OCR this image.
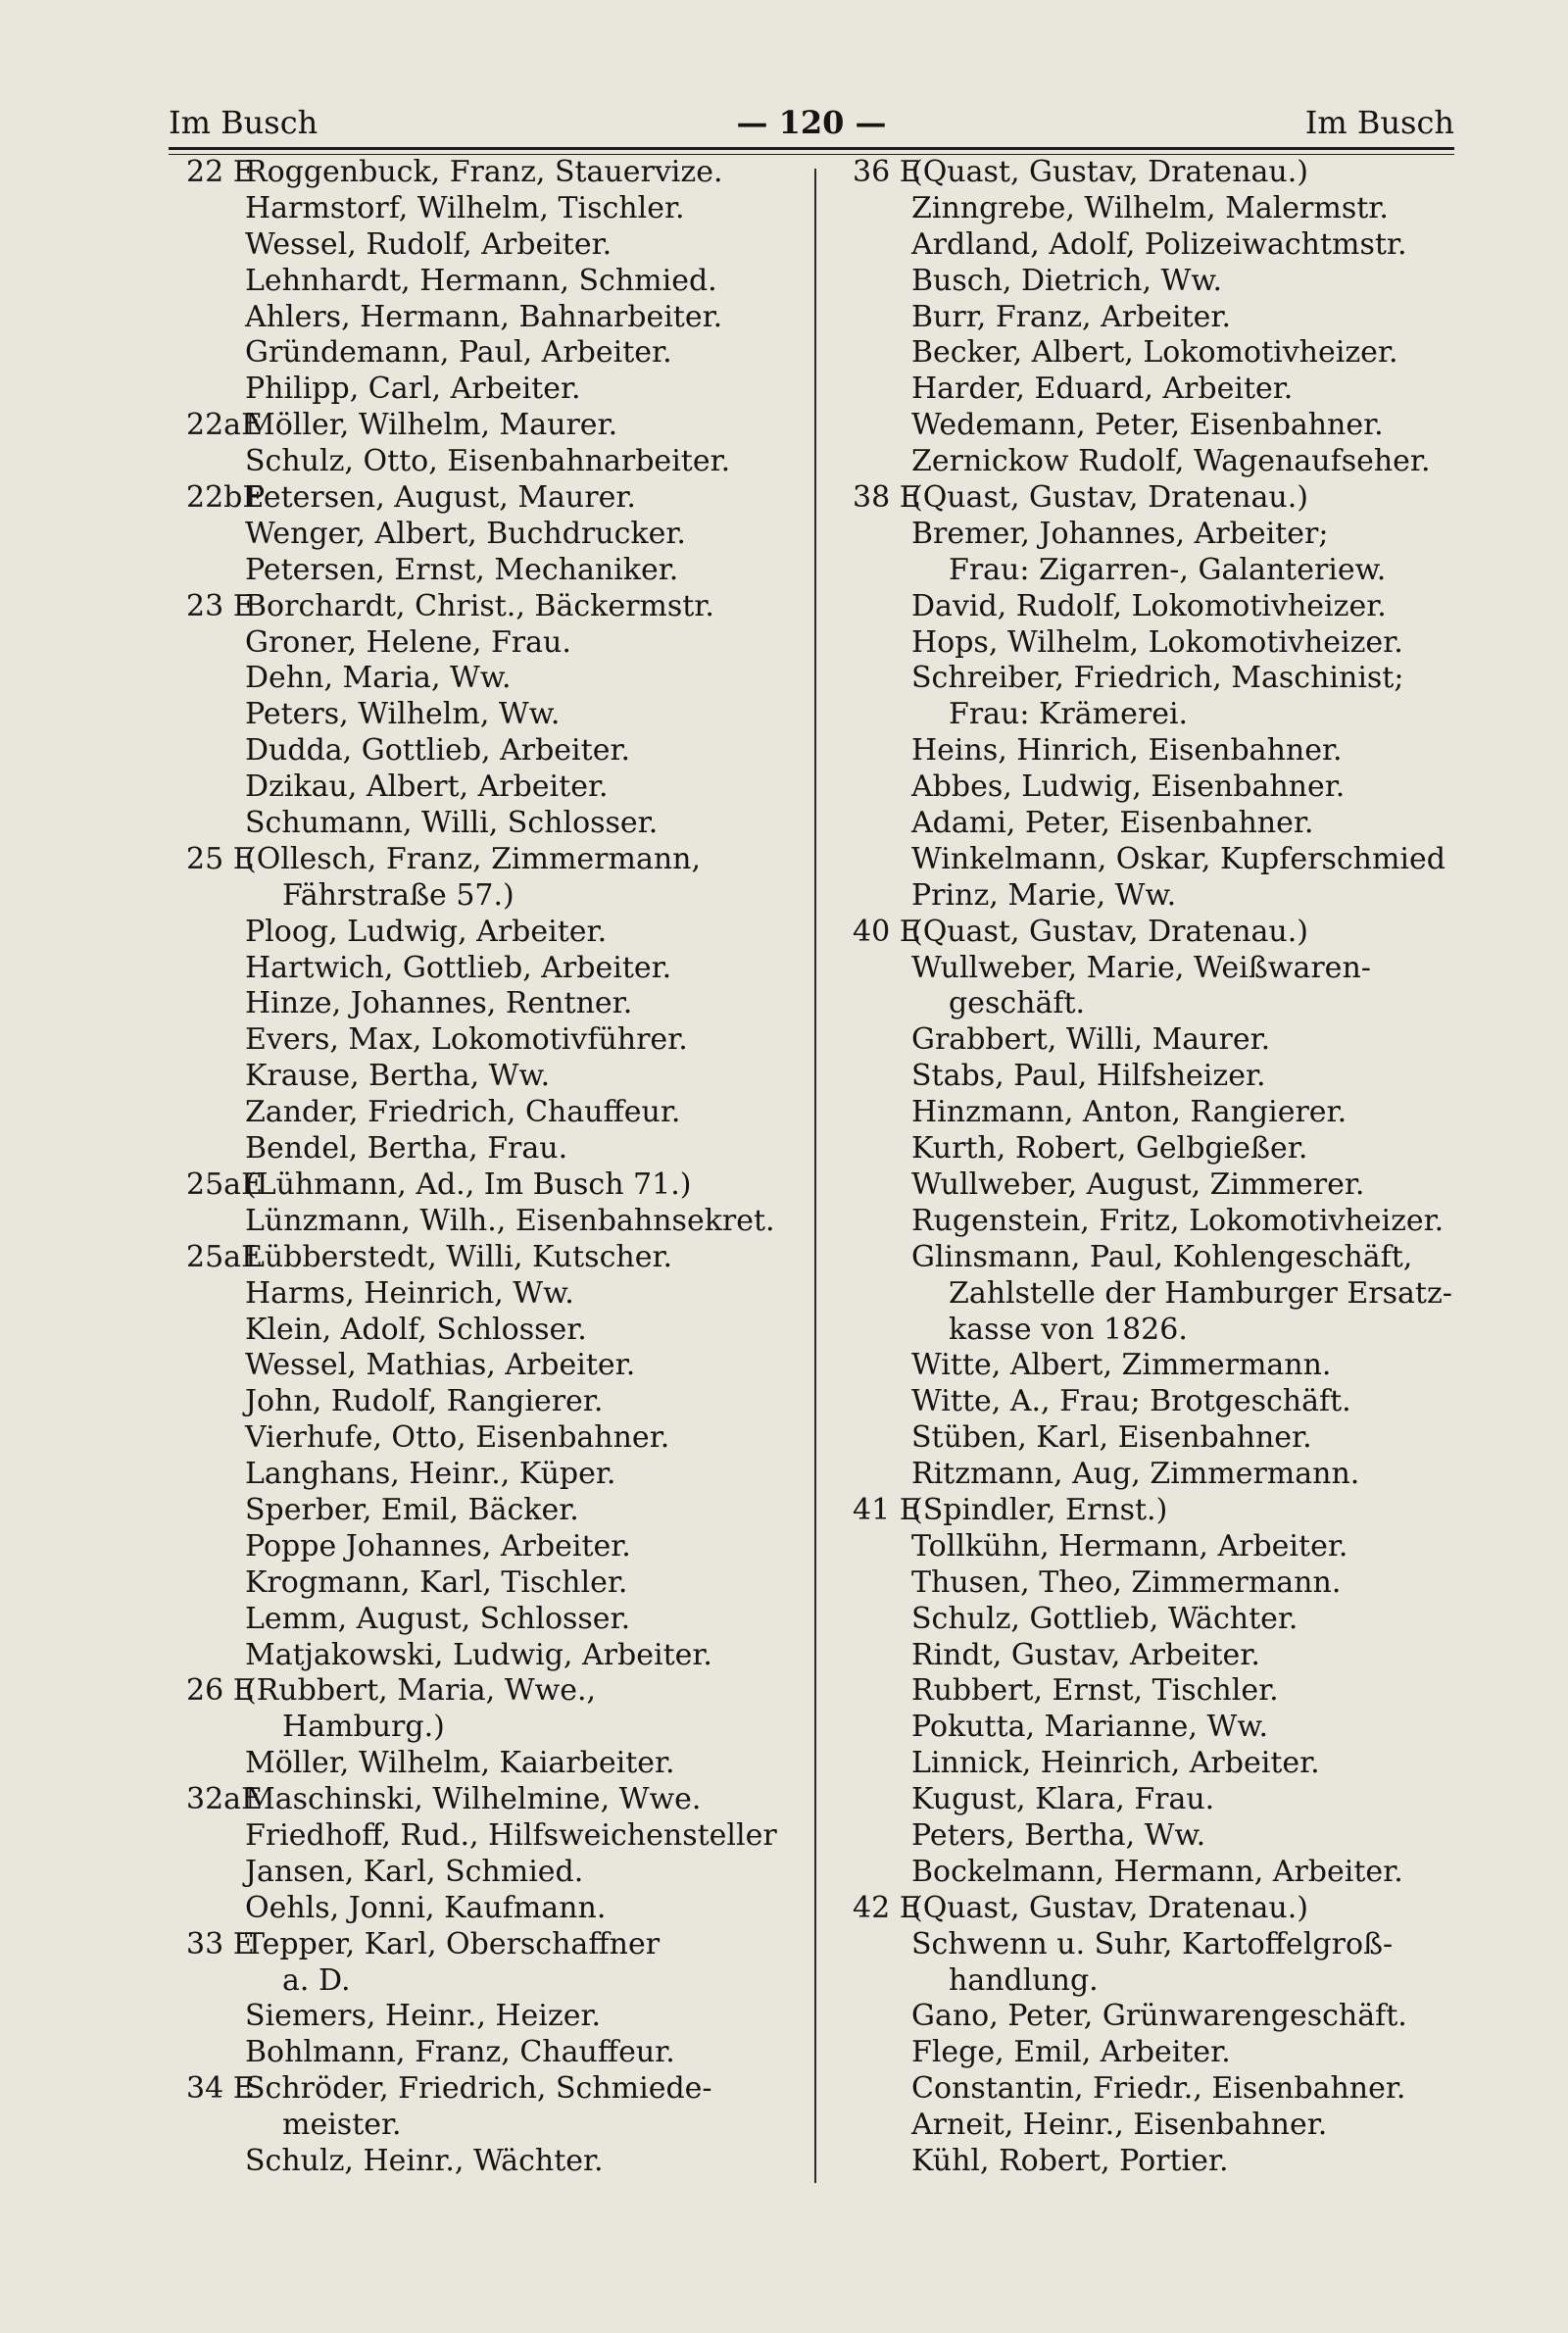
Im Busch	— 120 —	Im Busch
22 E
Roggenbuck, Franz, Stauervize.
Harmstorf, Wilhelm, Tischler.
Wessel, Rudolf, Arbeiter.
Lehnhardt, Hermann, Schmied.
Ahlers, Hermann, Bahnarbeiter.
Gründemann, Paul, Arbeiter.
Philipp, Carl, Arbeiter.
22aE
Möller, Wilhelm, Maurer.
Schulz, Otto, Eisenbahnarbeiter.
22bE
Petersen, August, Maurer.
Wenger, Albert, Buchdrucker.
Petersen, Ernst, Mechaniker.
23 E
Borchardt, Christ., Bäckermstr.
Groner, Helene, Frau.
Dehn, Maria, Ww.
Peters, Wilhelm, Ww.
Dudda, Gottlieb, Arbeiter.
Dzikau, Albert, Arbeiter.
Schumann, Willi, Schlosser.
25 E
(Ollesch, Franz, Zimmermann,
Fährstraße 57.)
Ploog, Ludwig, Arbeiter.
Hartwich, Gottlieb, Arbeiter.
Hinze, Johannes, Rentner.
Evers, Max, Lokomotivführer.
Krause, Bertha, Ww.
Zander, Friedrich, Chauffeur.
Bendel, Bertha, Frau.
25aE
(Lühmann, Ad., Im Busch 71.)
Lünzmann, Wilh., Eisenbahnsekret.
25aE
Lübberstedt, Willi, Kutscher.
Harms, Heinrich, Ww.
Klein, Adolf, Schlosser.
Wessel, Mathias, Arbeiter.
John, Rudolf, Rangierer.
Vierhufe, Otto, Eisenbahner.
Langhans, Heinr., Küper.
Sperber, Emil, Bäcker.
Poppe Johannes, Arbeiter.
Krogmann, Karl, Tischler.
Lemm, August, Schlosser.
Matjakowski, Ludwig, Arbeiter.
26 E
(Rubbert, Maria, Wwe.,
Hamburg.)
Möller, Wilhelm, Kaiarbeiter.
32aE
Maschinski, Wilhelmine, Wwe.
Friedhoff, Rud., Hilfsweichensteller
Jansen, Karl, Schmied.
Oehls, Jonni, Kaufmann.
33 E
Tepper, Karl, Oberschaffner
a. D.
Siemers, Heinr., Heizer.
Bohlmann, Franz, Chauffeur.
34 E
Schröder, Friedrich, Schmiede-
meister.
Schulz, Heinr., Wächter.
36 E
(Quast, Gustav, Dratenau.)
Zinngrebe, Wilhelm, Malermstr.
Ardland, Adolf, Polizeiwachtmstr.
Busch, Dietrich, Ww.
Burr, Franz, Arbeiter.
Becker, Albert, Lokomotivheizer.
Harder, Eduard, Arbeiter.
Wedemann, Peter, Eisenbahner.
Zernickow Rudolf, Wagenaufseher.
38 E
(Quast, Gustav, Dratenau.)
Bremer, Johannes, Arbeiter;
Frau: Zigarren-, Galanteriew.
David, Rudolf, Lokomotivheizer.
Hops, Wilhelm, Lokomotivheizer.
Schreiber, Friedrich, Maschinist;
Frau: Krämerei.
Heins, Hinrich, Eisenbahner.
Abbes, Ludwig, Eisenbahner.
Adami, Peter, Eisenbahner.
Winkelmann, Oskar, Kupferschmied
Prinz, Marie, Ww.
40 E
(Quast, Gustav, Dratenau.)
Wullweber, Marie, Weißwaren-
geschäft.
Grabbert, Willi, Maurer.
Stabs, Paul, Hilfsheizer.
Hinzmann, Anton, Rangierer.
Kurth, Robert, Gelbgießer.
Wullweber, August, Zimmerer.
Rugenstein, Fritz, Lokomotivheizer.
Glinsmann, Paul, Kohlengeschäft,
Zahlstelle der Hamburger Ersatz-
kasse von 1826.
Witte, Albert, Zimmermann.
Witte, A., Frau; Brotgeschäft.
Stüben, Karl, Eisenbahner.
Ritzmann, Aug, Zimmermann.
41 E
(Spindler, Ernst.)
Tollkühn, Hermann, Arbeiter.
Thusen, Theo, Zimmermann.
Schulz, Gottlieb, Wächter.
Rindt, Gustav, Arbeiter.
Rubbert, Ernst, Tischler.
Pokutta, Marianne, Ww.
Linnick, Heinrich, Arbeiter.
Kugust, Klara, Frau.
Peters, Bertha, Ww.
Bockelmann, Hermann, Arbeiter.
42 E
(Quast, Gustav, Dratenau.)
Schwenn u. Suhr, Kartoffelgroß-
handlung.
Gano, Peter, Grünwarengeschäft.
Flege, Emil, Arbeiter.
Constantin, Friedr., Eisenbahner.
Arneit, Heinr., Eisenbahner.
Kühl, Robert, Portier.
